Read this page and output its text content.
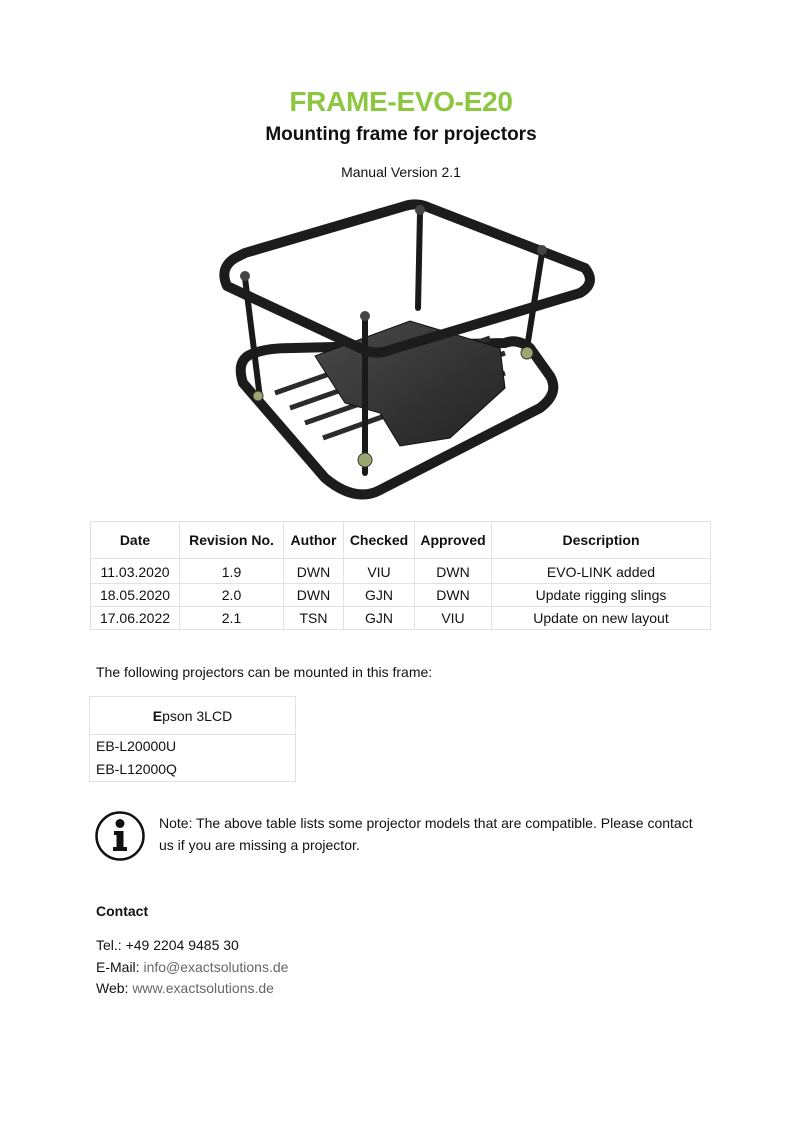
FRAME-EVO-E20
Mounting frame for projectors
Manual Version 2.1
Date	Revision No.	Author	Checked	Approved	Description
11.03.2020	1.9	DWN	VIU	DWN	EVO-LINK added
18.05.2020	2.0	DWN	GJN	DWN	Update rigging slings
17.06.2022	2.1	TSN	GJN	VIU	Update on new layout
The following projectors can be mounted in this frame:
Epson 3LCD

EB-L20000U
EB-L12000Q
Note: The above table lists some projector models that are compatible. Please contact us if you are missing a projector.
Contact
Tel.: +49 2204 9485 30
E-Mail: info@exactsolutions.de
Web: www.exactsolutions.de
